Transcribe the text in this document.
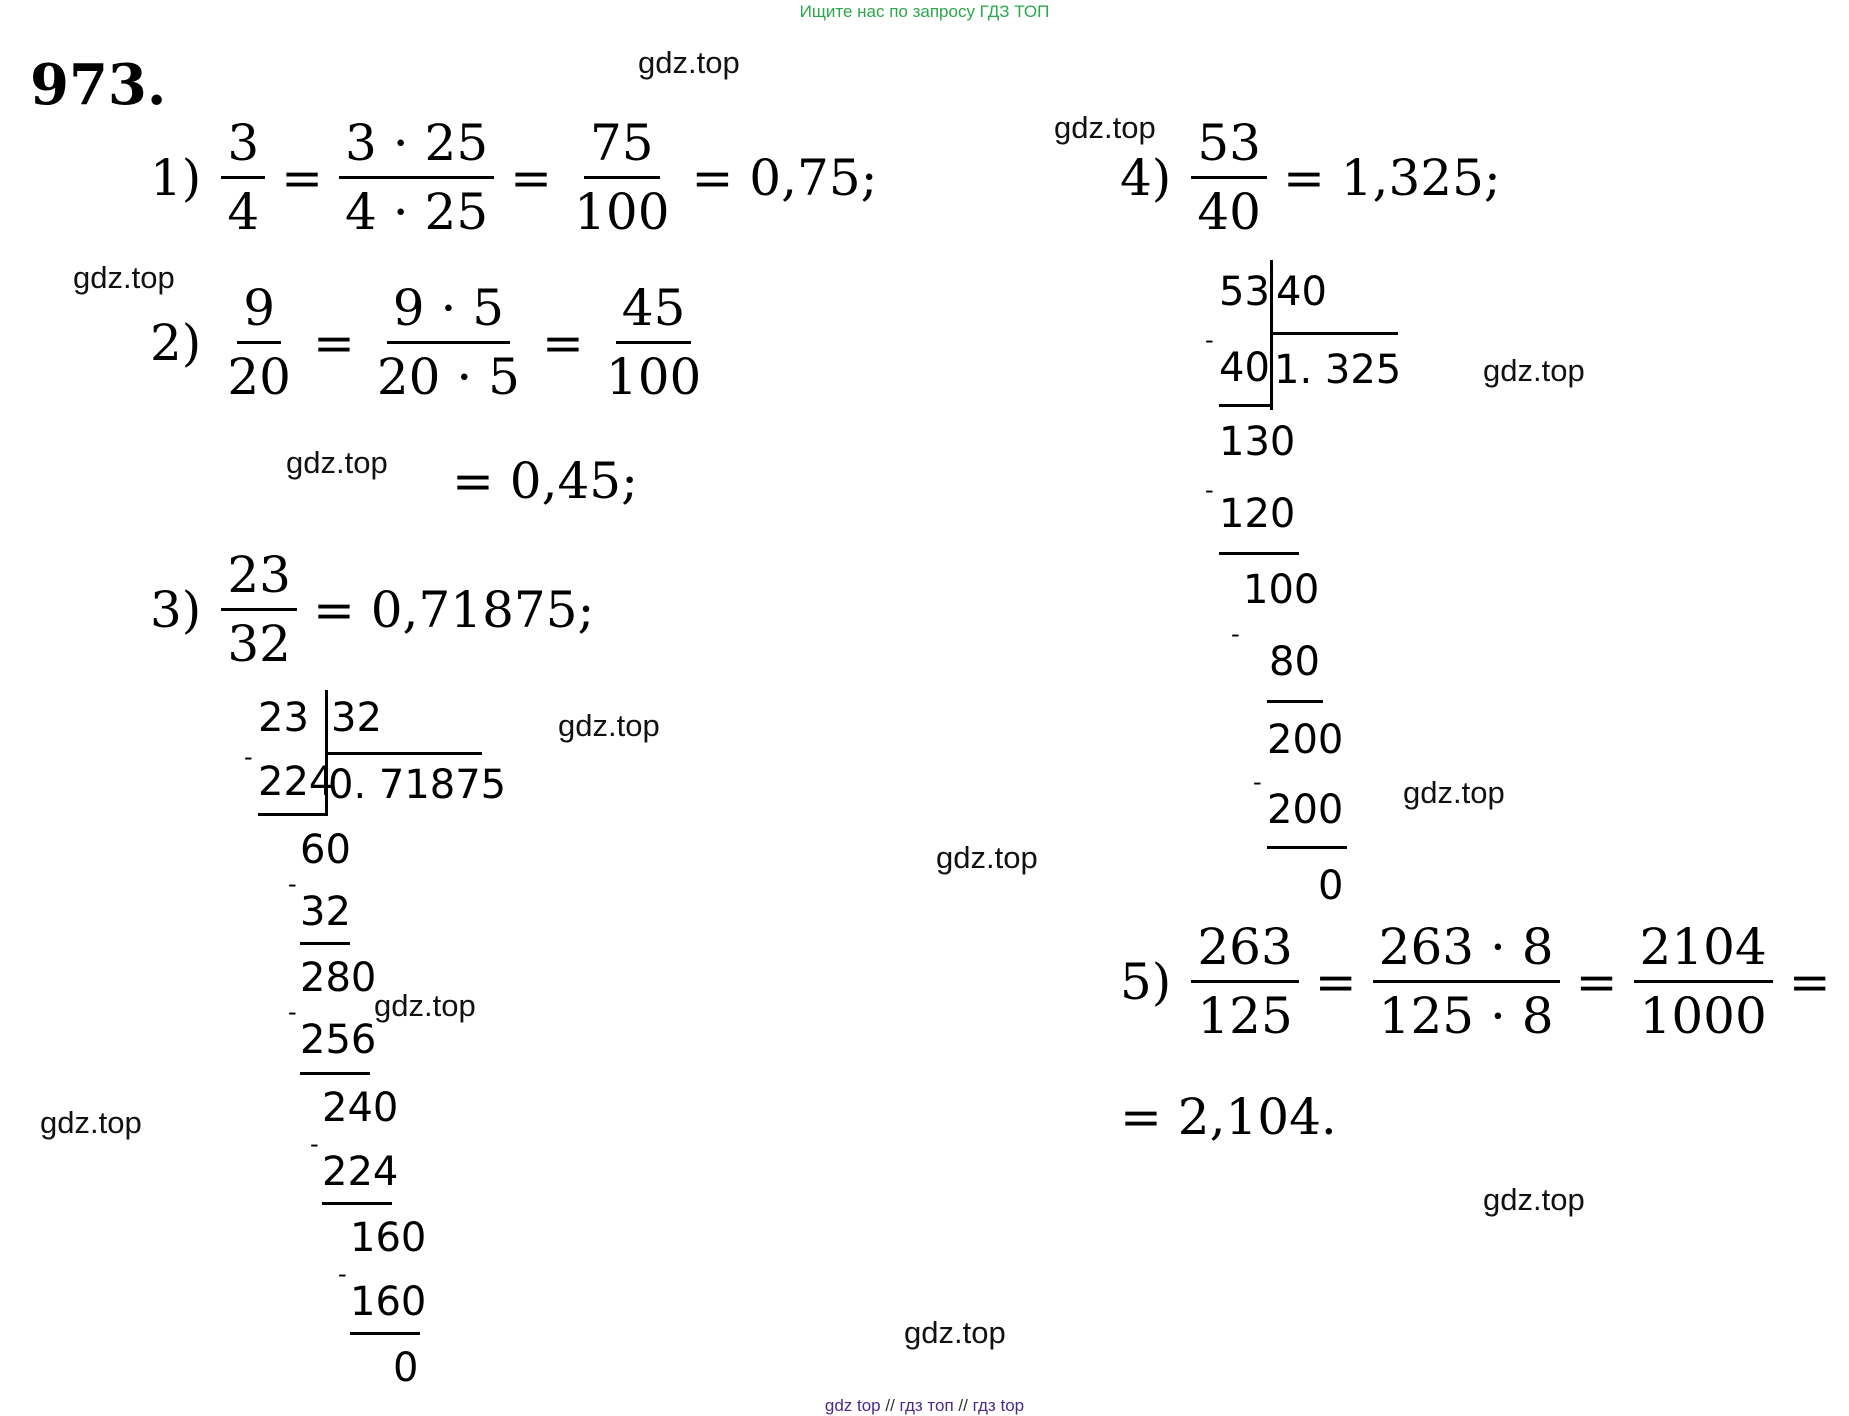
Ищите нас по запросу ГДЗ ТОП
973.	gdz.top
gdz.top
gdz.top
gdz.top
gdz.top
gdz.top
gdz.top
gdz.top
gdz.top
gdz.top
gdz.top
gdz.top
$1) \frac{3}{4} = \frac{3 \cdot 25}{4 \cdot 25} = \frac{75}{100} = 0,75$;
$2) \frac{9}{20} = \frac{9 \cdot 5}{20 \cdot 5} = \frac{45}{100}$
= 0,45;
$3) \frac{23}{32} = 0,71875$;
23 32
0. 71875
-
224
60
-
32
280
-
256
240
-
224
160
-
160
0
$4) \frac{53}{40} = 1,325$;
53 40
1. 325
-
40
130
-
120
100
-
80
200
-
200
0
$5) \frac{263}{125} = \frac{263 \cdot 8}{125 \cdot 8} = \frac{2104}{1000}$ =
= 2,104.
gdz top // гдз топ // гдз top
